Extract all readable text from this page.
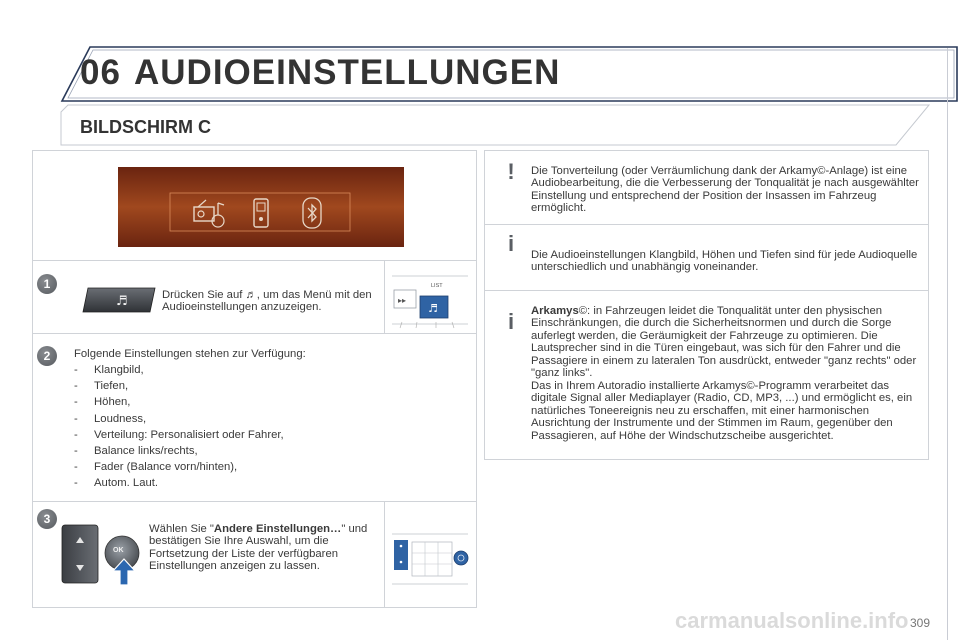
06 AUDIOEINSTELLUNGEN
BILDSCHIRM C
1
♬	Drücken Sie auf ♬, um das Menü mit den Audioeinstellungen anzuzeigen.
▸▸
♬
LIST
2	Folgende Einstellungen stehen zur Verfügung:
- Klangbild,
- Tiefen,
- Höhen,
- Loudness,
- Verteilung: Personalisiert oder Fahrer,
- Balance links/rechts,
- Fader (Balance vorn/hinten),
- Autom. Laut.
3
OK
Wählen Sie "Andere Einstellungen…" und bestätigen Sie Ihre Auswahl, um die Fortsetzung der Liste der verfügbaren Einstellungen anzeigen zu lassen.
!	Die Tonverteilung (oder Verräumlichung dank der Arkamy©-Anlage) ist eine Audiobearbeitung, die die Verbesserung der Tonqualität je nach ausgewählter Einstellung und entsprechend der Position der Insassen im Fahrzeug ermöglicht.
i	Die Audioeinstellungen Klangbild, Höhen und Tiefen sind für jede Audioquelle unterschiedlich und unabhängig voneinander.
i	Arkamys©: in Fahrzeugen leidet die Tonqualität unter den physischen Einschränkungen, die durch die Sicherheitsnormen und durch die Sorge auferlegt werden, die Geräumigkeit der Fahrzeuge zu optimieren. Die Lautsprecher sind in die Türen eingebaut, was sich für den Fahrer und die Passagiere in einem zu lateralen Ton ausdrückt, entweder "ganz rechts" oder "ganz links".
Das in Ihrem Autoradio installierte Arkamys©-Programm verarbeitet das digitale Signal aller Mediaplayer (Radio, CD, MP3, ...) und ermöglicht es, ein natürliches Toneereignis neu zu erschaffen, mit einer harmonischen Ausrichtung der Instrumente und der Stimmen im Raum, gegenüber den Passagieren, auf Höhe der Windschutzscheibe ausgerichtet.
309
carmanualsonline.info
